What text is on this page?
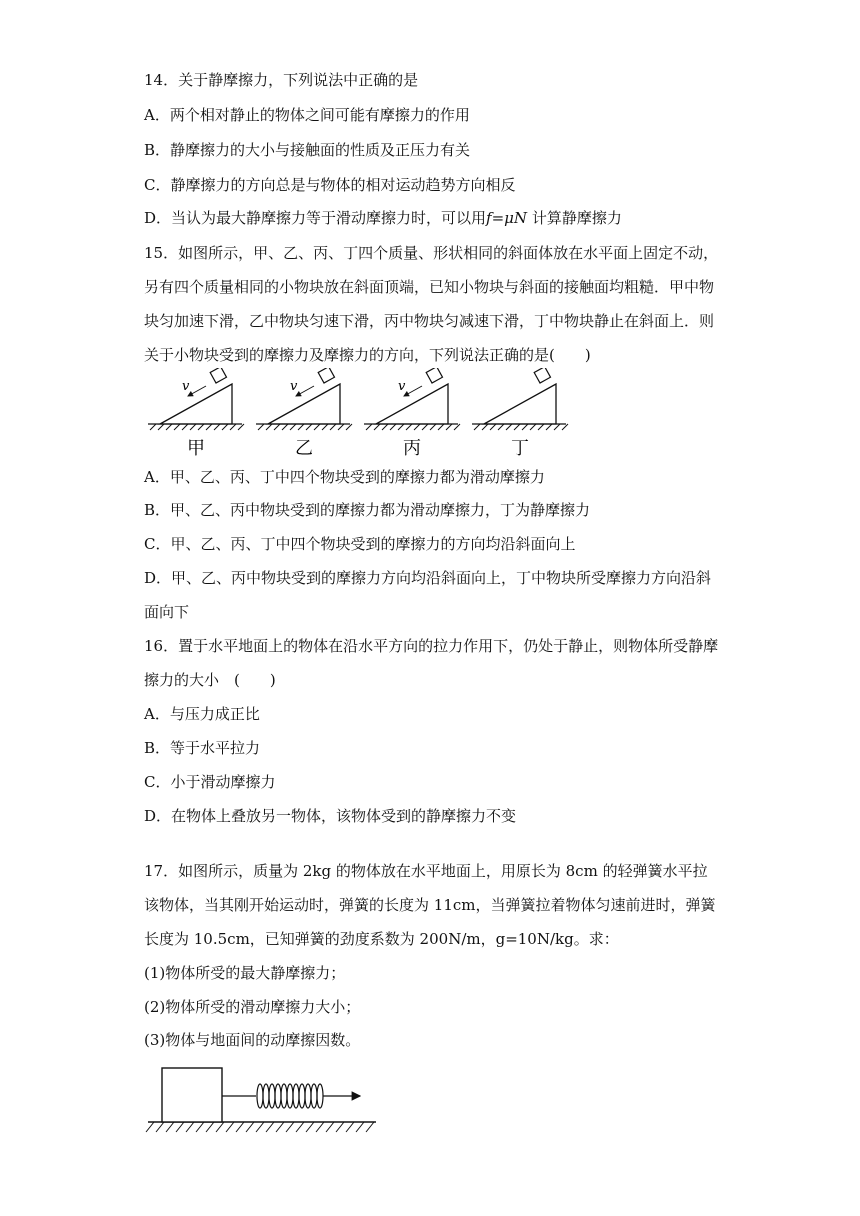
14．关于静摩擦力，下列说法中正确的是
A．两个相对静止的物体之间可能有摩擦力的作用
B．静摩擦力的大小与接触面的性质及正压力有关
C．静摩擦力的方向总是与物体的相对运动趋势方向相反
D．当认为最大静摩擦力等于滑动摩擦力时，可以用f=μN 计算静摩擦力
15．如图所示，甲、乙、丙、丁四个质量、形状相同的斜面体放在水平面上固定不动，
另有四个质量相同的小物块放在斜面顶端，已知小物块与斜面的接触面均粗糙．甲中物
块匀加速下滑，乙中物块匀速下滑，丙中物块匀减速下滑，丁中物块静止在斜面上．则
关于小物块受到的摩擦力及摩擦力的方向，下列说法正确的是(　　)
v
甲
v
乙
v
丙	丁
A．甲、乙、丙、丁中四个物块受到的摩擦力都为滑动摩擦力
B．甲、乙、丙中物块受到的摩擦力都为滑动摩擦力，丁为静摩擦力
C．甲、乙、丙、丁中四个物块受到的摩擦力的方向均沿斜面向上
D．甲、乙、丙中物块受到的摩擦力方向均沿斜面向上，丁中物块所受摩擦力方向沿斜
面向下
16．置于水平地面上的物体在沿水平方向的拉力作用下，仍处于静止，则物体所受静摩
擦力的大小　(　　)
A．与压力成正比
B．等于水平拉力
C．小于滑动摩擦力
D．在物体上叠放另一物体，该物体受到的静摩擦力不变
17．如图所示，质量为 2kg 的物体放在水平地面上，用原长为 8cm 的轻弹簧水平拉
该物体，当其刚开始运动时，弹簧的长度为 11cm，当弹簧拉着物体匀速前进时，弹簧
长度为 10.5cm，已知弹簧的劲度系数为 200N/m，g=10N/kg。求：
(1)物体所受的最大静摩擦力；
(2)物体所受的滑动摩擦力大小；
(3)物体与地面间的动摩擦因数。
